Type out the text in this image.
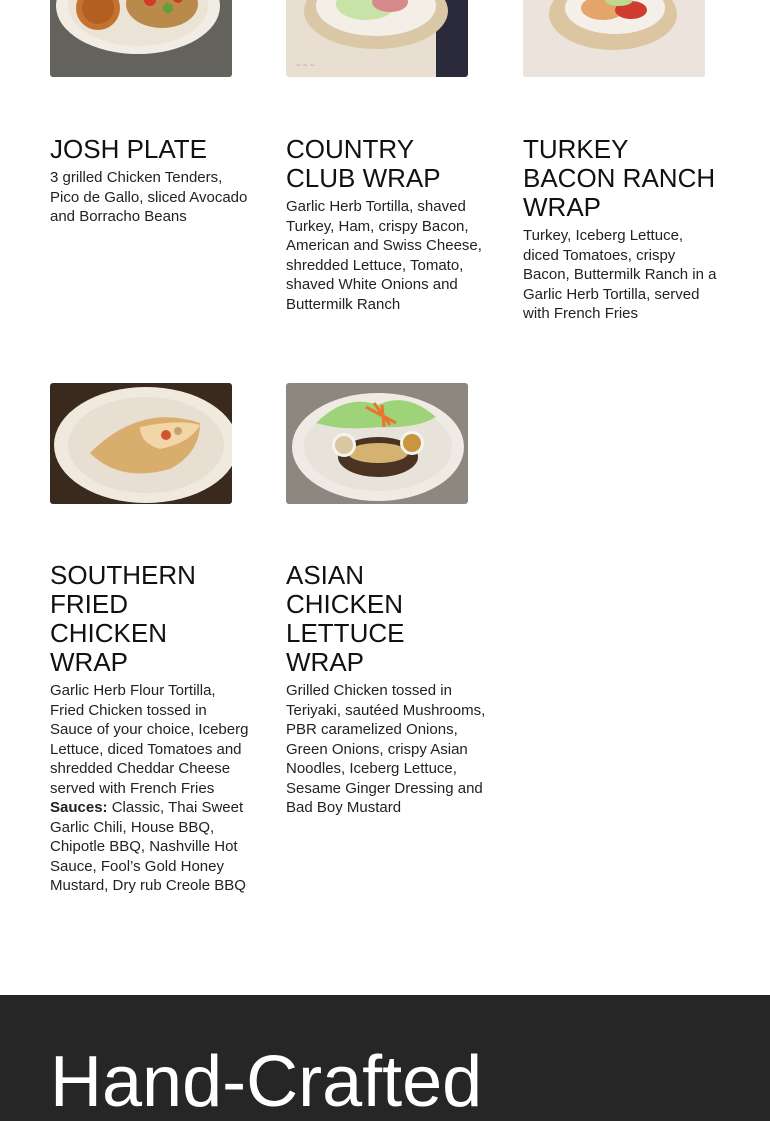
JOSH PLATE

3 grilled Chicken Tenders, Pico de Gallo, sliced Avocado and Borracho Beans

~ ~ ~
COUNTRY CLUB WRAP

Garlic Herb Tortilla, shaved Turkey, Ham, crispy Bacon, American and Swiss Cheese, shredded Lettuce, Tomato, shaved White Onions and Buttermilk Ranch

TURKEY BACON RANCH WRAP

Turkey, Iceberg Lettuce, diced Tomatoes, crispy Bacon, Buttermilk Ranch in a Garlic Herb Tortilla, served with French Fries

SOUTHERN FRIED CHICKEN WRAP

Garlic Herb Flour Tortilla, Fried Chicken tossed in Sauce of your choice, Iceberg Lettuce, diced Tomatoes and shredded Cheddar Cheese served with French Fries

Sauces: Classic, Thai Sweet Garlic Chili, House BBQ, Chipotle BBQ, Nashville Hot Sauce, Fool’s Gold Honey Mustard, Dry rub Creole BBQ

ASIAN CHICKEN LETTUCE WRAP

Grilled Chicken tossed in Teriyaki, sautéed Mushrooms, PBR caramelized Onions, Green Onions, crispy Asian Noodles, Iceberg Lettuce, Sesame Ginger Dressing and Bad Boy Mustard

Hand-Crafted
